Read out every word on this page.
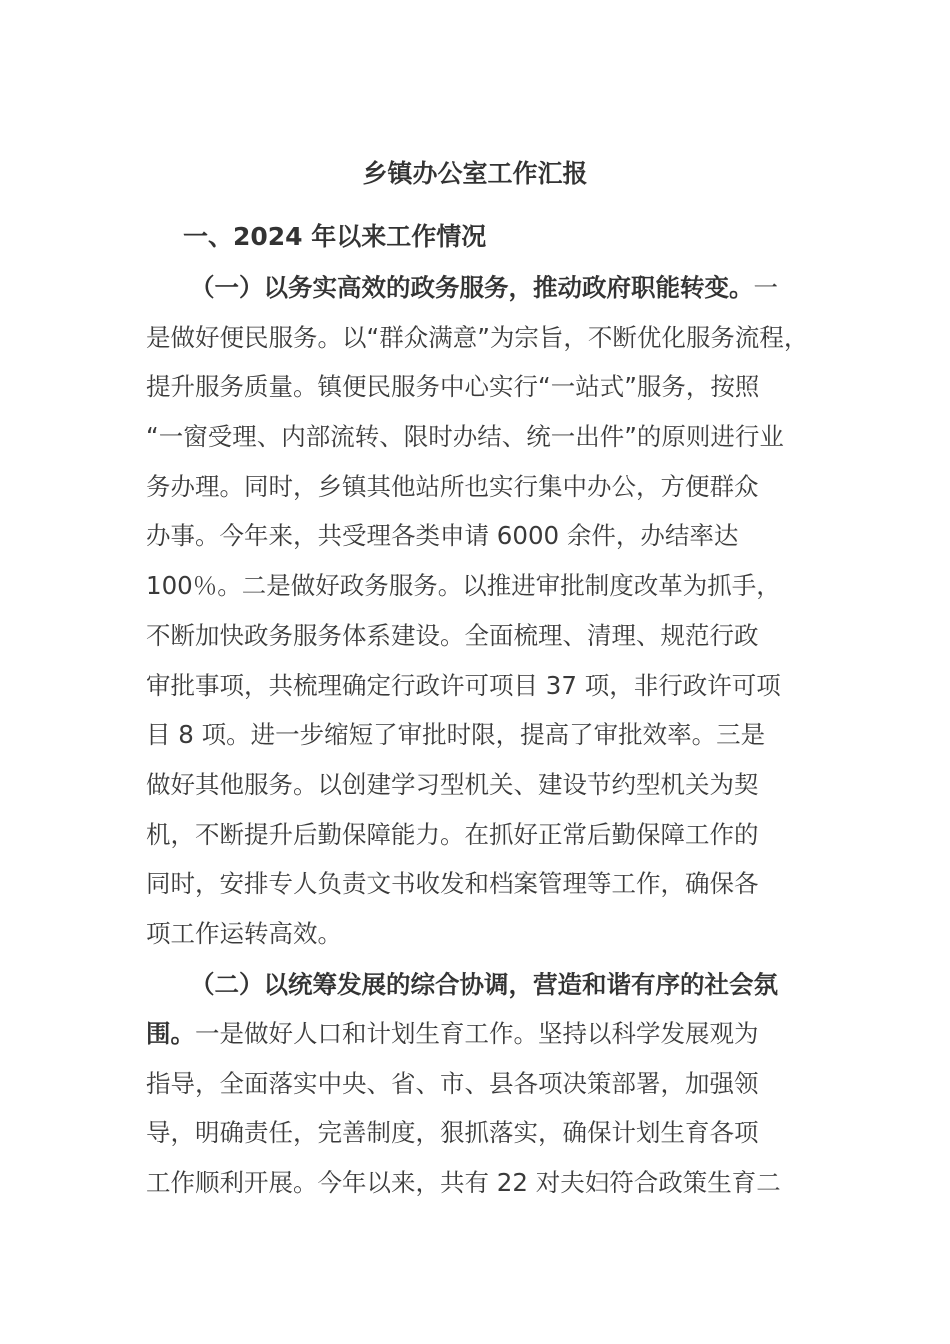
乡镇办公室工作汇报
一、2024 年以来工作情况
（一）以务实高效的政务服务，推动政府职能转变。一
是做好便民服务。以“群众满意”为宗旨，不断优化服务流程，
提升服务质量。镇便民服务中心实行“一站式”服务，按照
“一窗受理、内部流转、限时办结、统一出件”的原则进行业
务办理。同时，乡镇其他站所也实行集中办公，方便群众
办事。今年来，共受理各类申请 6000 余件，办结率达
100％。二是做好政务服务。以推进审批制度改革为抓手，
不断加快政务服务体系建设。全面梳理、清理、规范行政
审批事项，共梳理确定行政许可项目 37 项，非行政许可项
目 8 项。进一步缩短了审批时限，提高了审批效率。三是
做好其他服务。以创建学习型机关、建设节约型机关为契
机，不断提升后勤保障能力。在抓好正常后勤保障工作的
同时，安排专人负责文书收发和档案管理等工作，确保各
项工作运转高效。
（二）以统筹发展的综合协调，营造和谐有序的社会氛
围。一是做好人口和计划生育工作。坚持以科学发展观为
指导，全面落实中央、省、市、县各项决策部署，加强领
导，明确责任，完善制度，狠抓落实，确保计划生育各项
工作顺利开展。今年以来，共有 22 对夫妇符合政策生育二
